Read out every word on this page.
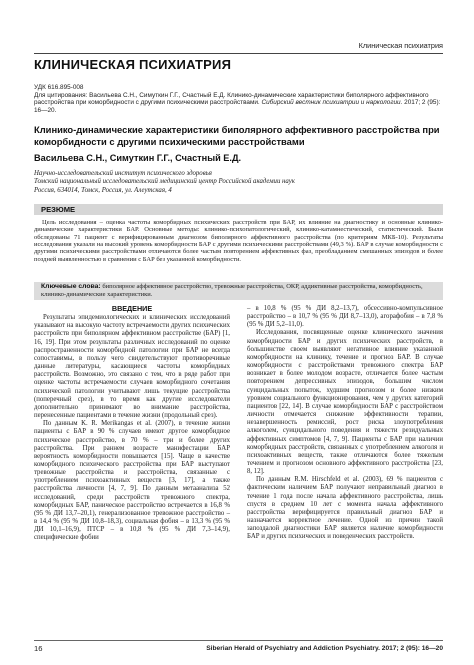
Клиническая психиатрия
КЛИНИЧЕСКАЯ ПСИХИАТРИЯ
УДК 616.895-008
Для цитирования: Васильева С.Н., Симуткин Г.Г., Счастный Е.Д. Клинико-динамические характеристики биполярного аффективного расстройства при коморбидности с другими психическими расстройствами. Сибирский вестник психиатрии и наркологии. 2017; 2 (95): 16—20.
Клинико-динамические характеристики биполярного аффективного расстройства при коморбидности с другими психическими расстройствами
Васильева С.Н., Симуткин Г.Г., Счастный Е.Д.
Научно-исследовательский институт психического здоровья
Томский национальный исследовательский медицинский центр Российской академии наук
Россия, 634014, Томск, Россия, ул. Алеутская, 4
РЕЗЮМЕ

Цель исследования – оценка частоты коморбидных психических расстройств при БАР, их влияние на диагностику и основные клинико-динамические характеристики БАР. Основные методы: клинико-психопатологический, клинико-катамнестический, статистический. Были обследованы 71 пациент с верифицированным диагнозом биполярного аффективного расстройства (по критериям МКБ-10). Результаты исследования указали на высокий уровень коморбидности БАР с другими психическими расстройствами (49,3 %). БАР в случае коморбидности с другими психическими расстройствами отличаются более частым повторением аффективных фаз, преобладанием смешанных эпизодов и более поздней выявленностью в сравнении с БАР без указанной коморбидности.

Ключевые слова: биполярное аффективное расстройство, тревожные расстройства, ОКР, аддиктивные расстройства, коморбидность, клинико-динамические характеристики.
ВВЕДЕНИЕ

Результаты эпидемиологических и клинических исследований указывают на высокую частоту встречаемости других психических расстройств при биполярном аффективном расстройстве (БАР) [1, 16, 19]. При этом результаты различных исследований по оценке распространенности коморбидной патологии при БАР не всегда сопоставимы, в пользу чего свидетельствуют противоречивые данные литературы, касающиеся частоты коморбидных расстройств. Возможно, это связано с тем, что в ряде работ при оценке частоты встречаемости случаев коморбидного сочетания психической патологии учитывают лишь текущие расстройства (поперечный срез), в то время как другие исследователи дополнительно принимают во внимание расстройства, перенесенные пациентами в течение жизни (продольный срез).

По данным K. R. Merikangas et al. (2007), в течение жизни пациенты с БАР в 90 % случаев имеют другое коморбидное психическое расстройство, в 70 % – три и более других расстройства. При раннем возрасте манифестации БАР вероятность коморбидности повышается [15]. Чаще в качестве коморбидного психического расстройства при БАР выступают тревожные расстройства и расстройства, связанные с употреблением психоактивных веществ [3, 17], а также расстройства личности [4, 7, 9]. По данным метаанализа 52 исследований, среди расстройств тревожного спектра, коморбидных БАР, паническое расстройство встречается в 16,8 % (95 % ДИ 13,7–20,1), генерализованное тревожное расстройство – в 14,4 % (95 % ДИ 10,8–18,3), социальная фобия – в 13,3 % (95 % ДИ 10,1–16,9), ПТСР – в 10,8 % (95 % ДИ 7,3–14,9), специфические фобии

– в 10,8 % (95 % ДИ 8,2–13,7), обсессивно-компульсивное расстройство – в 10,7 % (95 % ДИ 8,7–13,0), агорафобия – в 7,8 % (95 % ДИ 5,2–11,0).

Исследования, посвященные оценке клинического значения коморбидности БАР и других психических расстройств, в большинстве своем выявляют негативное влияние указанной коморбидности на клинику, течение и прогноз БАР. В случае коморбидности с расстройствами тревожного спектра БАР возникает в более молодом возрасте, отличается более частым повторением депрессивных эпизодов, большим числом суицидальных попыток, худшим прогнозом и более низким уровнем социального функционирования, чем у других категорий пациентов [22, 14]. В случае коморбидности БАР с расстройством личности отмечается снижение эффективности терапии, незавершенность ремиссий, рост риска злоупотребления алкоголем, суицидального поведения и тяжести резидуальных аффективных симптомов [4, 7, 9]. Пациенты с БАР при наличии коморбидных расстройств, связанных с употреблением алкоголя и психоактивных веществ, также отличаются более тяжелым течением и прогнозом основного аффективного расстройства [23, 8, 12].

По данным R.M. Hirschfeld et al. (2003), 69 % пациентов с фактическим наличием БАР получают неправильный диагноз в течение 1 года после начала аффективного расстройства, лишь спустя в среднем 10 лет с момента начала аффективного расстройства верифицируется правильный диагноз БАР и назначается корректное лечение. Одной из причин такой запоздалой диагностики БАР является наличие коморбидности БАР и других психических и поведенческих расстройств.

16	Siberian Herald of Psychiatry and Addiction Psychiatry. 2017; 2 (95): 16—20
